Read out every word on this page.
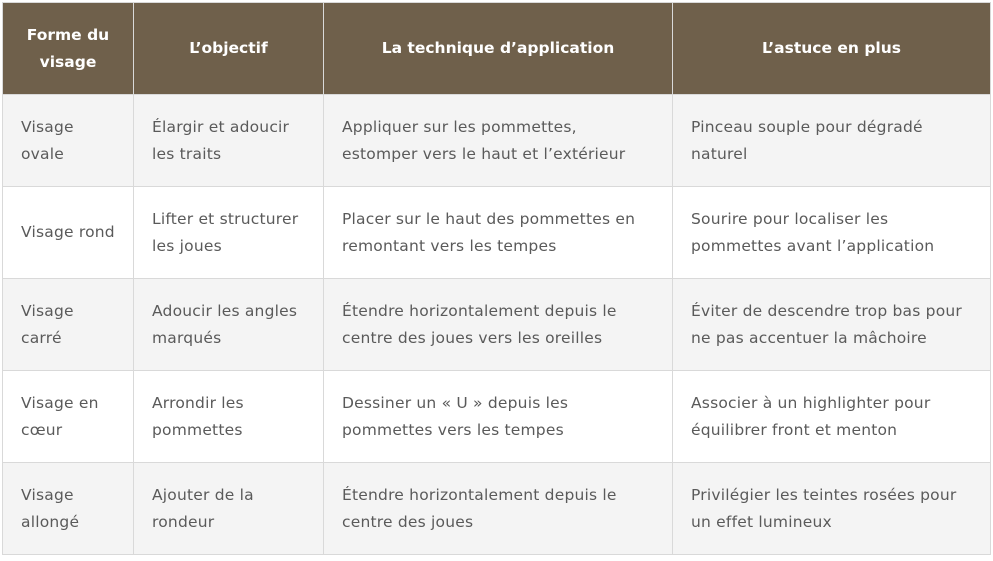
Forme du visage	L’objectif	La technique d’application	L’astuce en plus
Visage ovale	Élargir et adoucir les traits	Appliquer sur les pommettes, estomper vers le haut et l’extérieur	Pinceau souple pour dégradé naturel
Visage rond	Lifter et structurer les joues	Placer sur le haut des pommettes en remontant vers les tempes	Sourire pour localiser les pommettes avant l’application
Visage carré	Adoucir les angles marqués	Étendre horizontalement depuis le centre des joues vers les oreilles	Éviter de descendre trop bas pour ne pas accentuer la mâchoire
Visage en cœur	Arrondir les pommettes	Dessiner un « U » depuis les pommettes vers les tempes	Associer à un highlighter pour équilibrer front et menton
Visage allongé	Ajouter de la rondeur	Étendre horizontalement depuis le centre des joues	Privilégier les teintes rosées pour un effet lumineux
